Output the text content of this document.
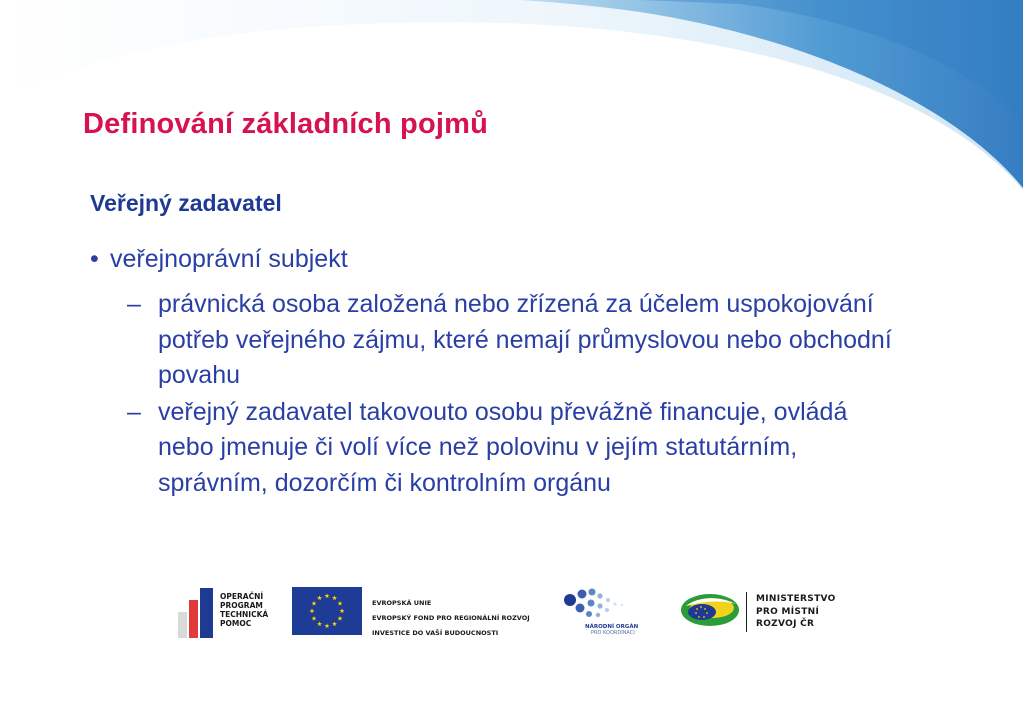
Definování základních pojmů
Veřejný zadavatel
• veřejnoprávní subjekt
– právnická osoba založená nebo zřízená za účelem uspokojování potřeb veřejného zájmu, které nemají průmyslovou nebo obchodní povahu
– veřejný zadavatel takovouto osobu převážně financuje, ovládá nebo jmenuje či volí více než polovinu v jejím statutárním, správním, dozorčím či kontrolním orgánu
OPERAČNÍ
PROGRAM
TECHNICKÁ
POMOC
EVROPSKÁ UNIE
EVROPSKÝ FOND PRO REGIONÁLNÍ ROZVOJ
INVESTICE DO VAŠÍ BUDOUCNOSTI
NÁRODNÍ ORGÁN
PRO KOORDINACI
MINISTERSTVO
PRO MÍSTNÍ
ROZVOJ ČR
